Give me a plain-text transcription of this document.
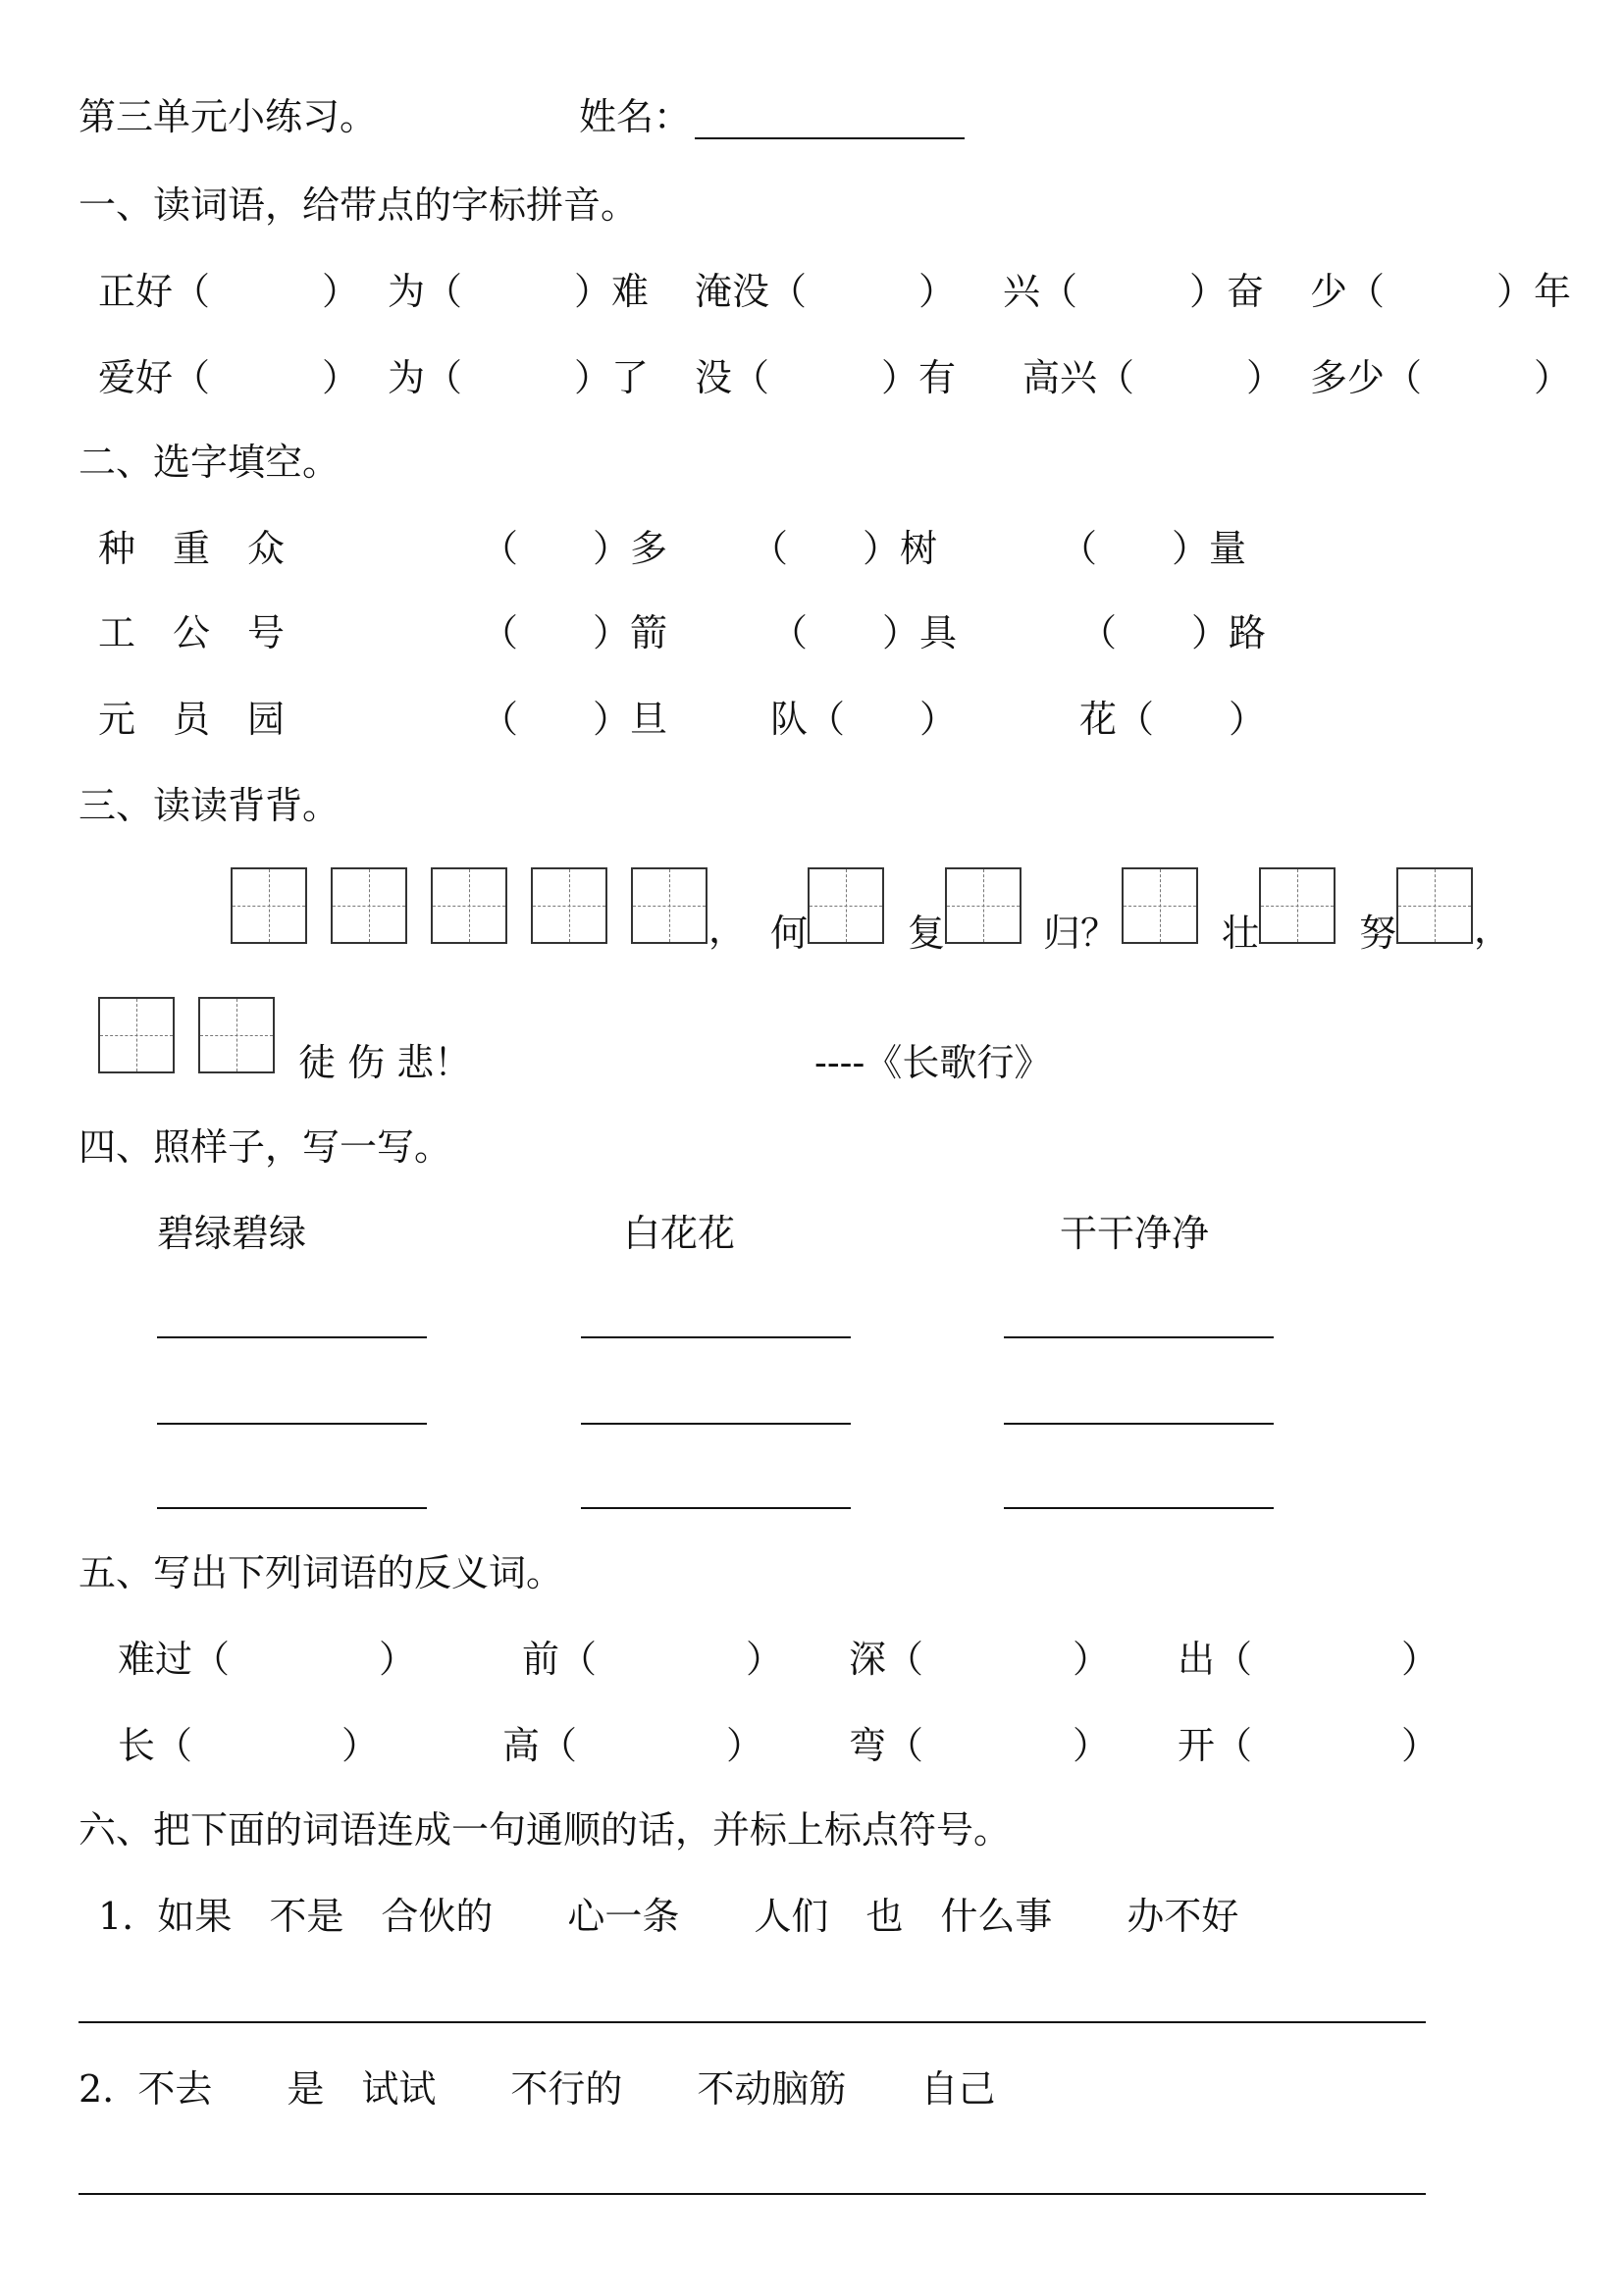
第三单元小练习。	姓名：
一、读词语，给带点的字标拼音。
正好（　　　） 为（　　　）难 淹没（　　　） 兴（　　　）奋 少（　　　）年
爱好（　　　） 为（　　　）了 没（　　　）有 高兴（　　　） 多少（　　　）
二、选字填空。
种　重　众	（　　）多 （　　）树	（　　）量
工　公　号	（　　）箭	（　　）具	（　　）路
元　员　园	（　　）旦	队（　　）	花（　　）
三、读读背背。
， 何	复	归？	壮	努 ，
徒 伤 悲！	----《长歌行》
四、照样子，写一写。
碧绿碧绿	白花花	干干净净
五、写出下列词语的反义词。
难过（　　　　）	前（　　　　） 深（　　　　） 出（　　　　）
长（　　　　）	高（　　　　） 弯（　　　　） 开（　　　　）
六、把下面的词语连成一句通顺的话，并标上标点符号。
1.  如果　不是　合伙的　　心一条　　人们　也　什么事　　办不好
2.  不去　　是　试试　　不行的　　不动脑筋　　自己
